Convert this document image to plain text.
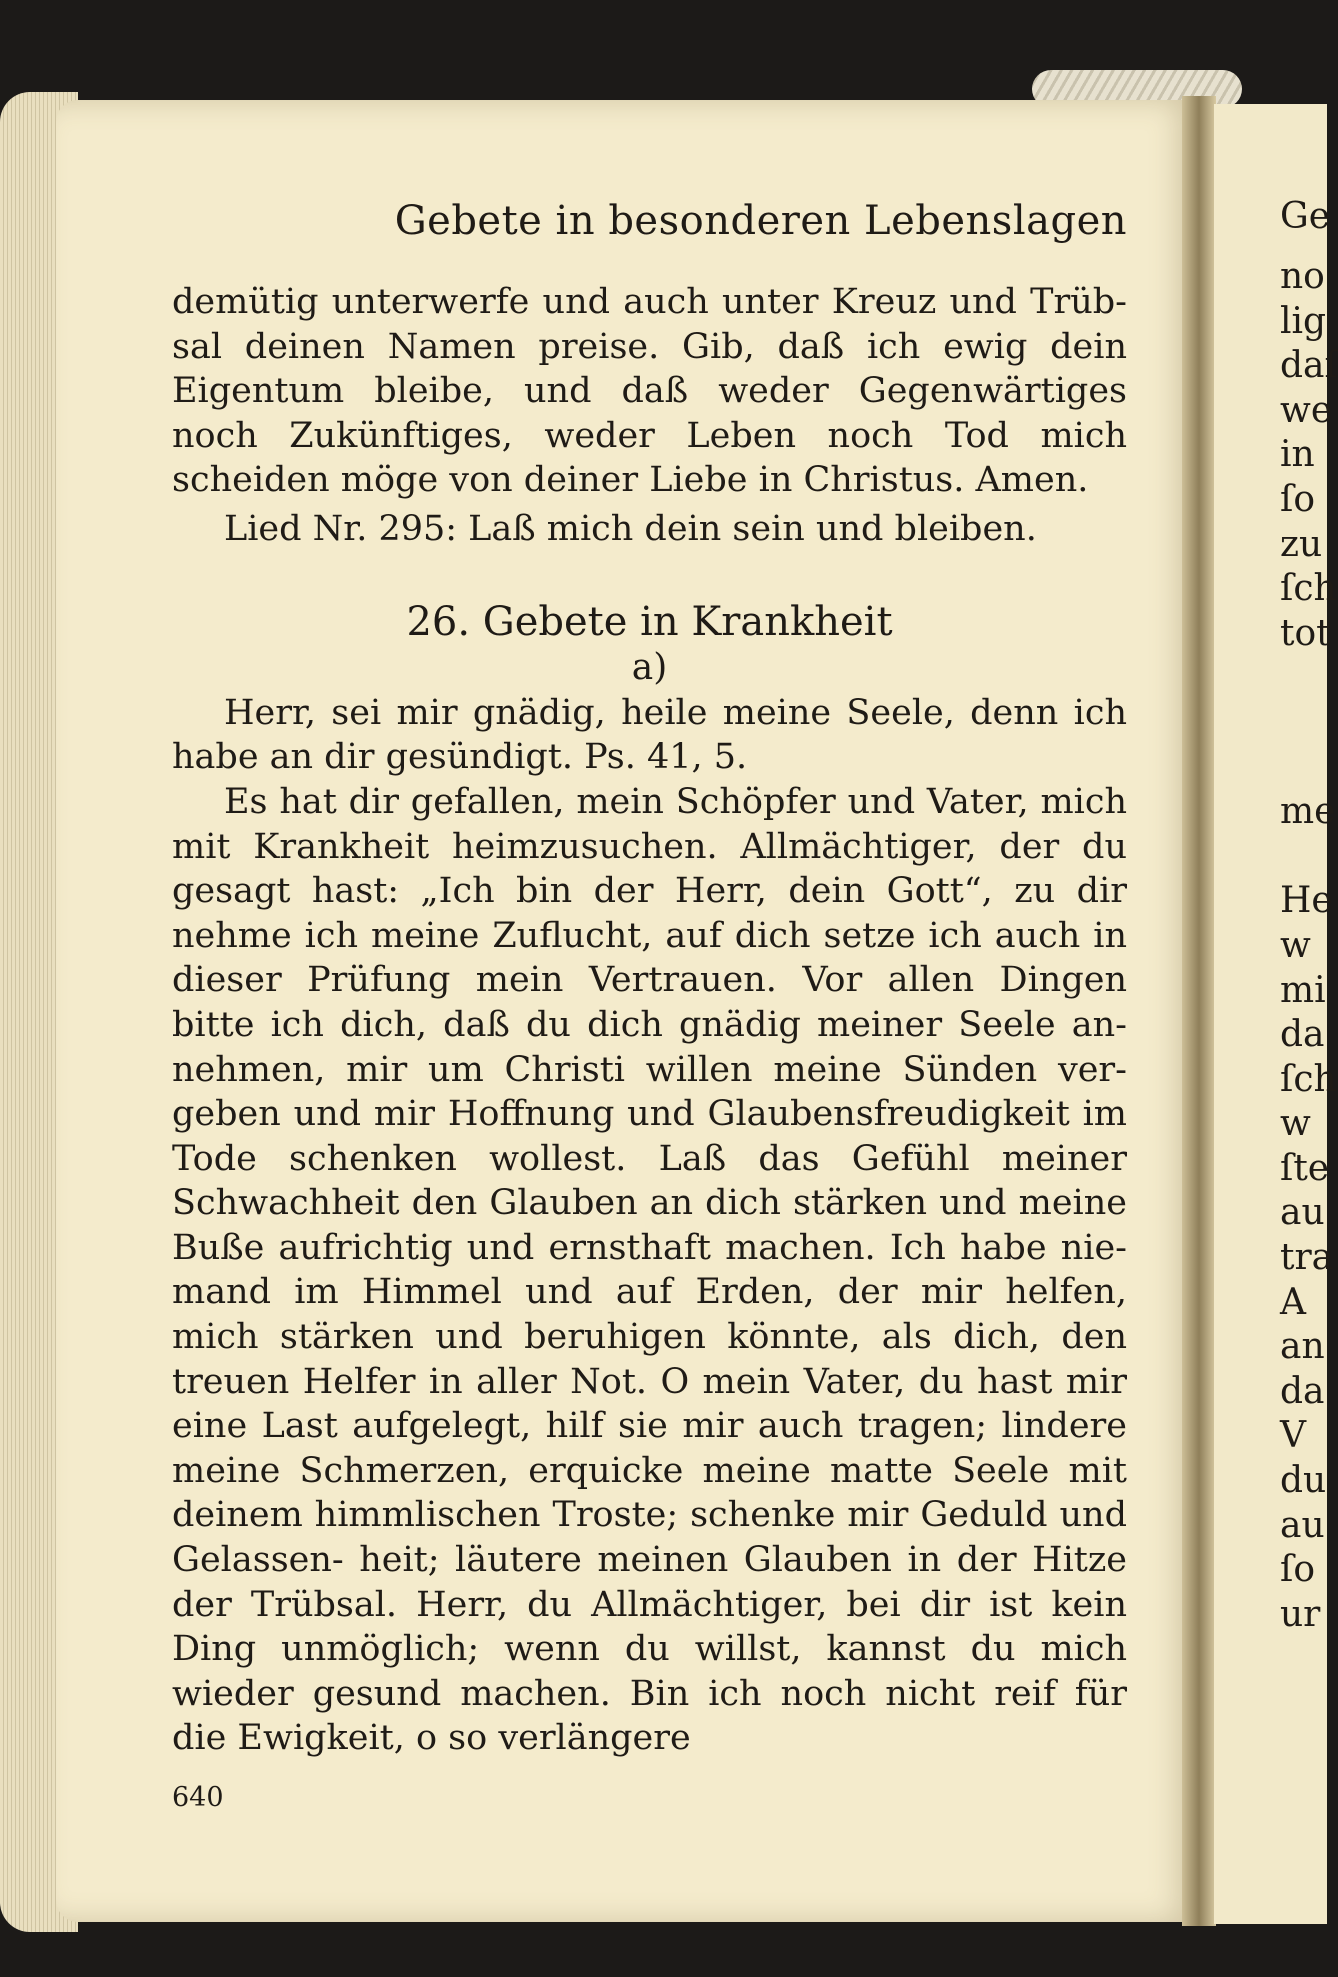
Gebete in besonderen Lebenslagen

demütig unterwerfe und auch unter Kreuz und Trüb- sal deinen Namen preise. Gib, daß ich ewig dein Eigentum bleibe, und daß weder Gegenwärtiges noch Zukünftiges, weder Leben noch Tod mich scheiden möge von deiner Liebe in Christus. Amen.

Lied Nr. 295: Laß mich dein sein und bleiben.

26. Gebete in Krankheit

a)

Herr, sei mir gnädig, heile meine Seele, denn ich habe an dir gesündigt. Ps. 41, 5.

Es hat dir gefallen, mein Schöpfer und Vater, mich mit Krankheit heimzusuchen. Allmächtiger, der du gesagt hast: „Ich bin der Herr, dein Gott“, zu dir nehme ich meine Zuflucht, auf dich setze ich auch in dieser Prüfung mein Vertrauen. Vor allen Dingen bitte ich dich, daß du dich gnädig meiner Seele an- nehmen, mir um Christi willen meine Sünden ver- geben und mir Hoffnung und Glaubensfreudigkeit im Tode schenken wollest. Laß das Gefühl meiner Schwachheit den Glauben an dich stärken und meine Buße aufrichtig und ernsthaft machen. Ich habe nie- mand im Himmel und auf Erden, der mir helfen, mich stärken und beruhigen könnte, als dich, den treuen Helfer in aller Not. O mein Vater, du hast mir eine Last aufgelegt, hilf sie mir auch tragen; lindere meine Schmerzen, erquicke meine matte Seele mit deinem himmlischen Troste; schenke mir Geduld und Gelassen- heit; läutere meinen Glauben in der Hitze der Trübsal. Herr, du Allmächtiger, bei dir ist kein Ding unmöglich; wenn du willst, kannst du mich wieder gesund machen. Bin ich noch nicht reif für die Ewigkeit, o so verlängere

640
Ge
no
lig
daſ
we
in
ſo
zu
ſch
tot
me
He
w
mi
da
ſch
w
ſte
au
tra
A
an
da
V
du
au
ſo
ur
